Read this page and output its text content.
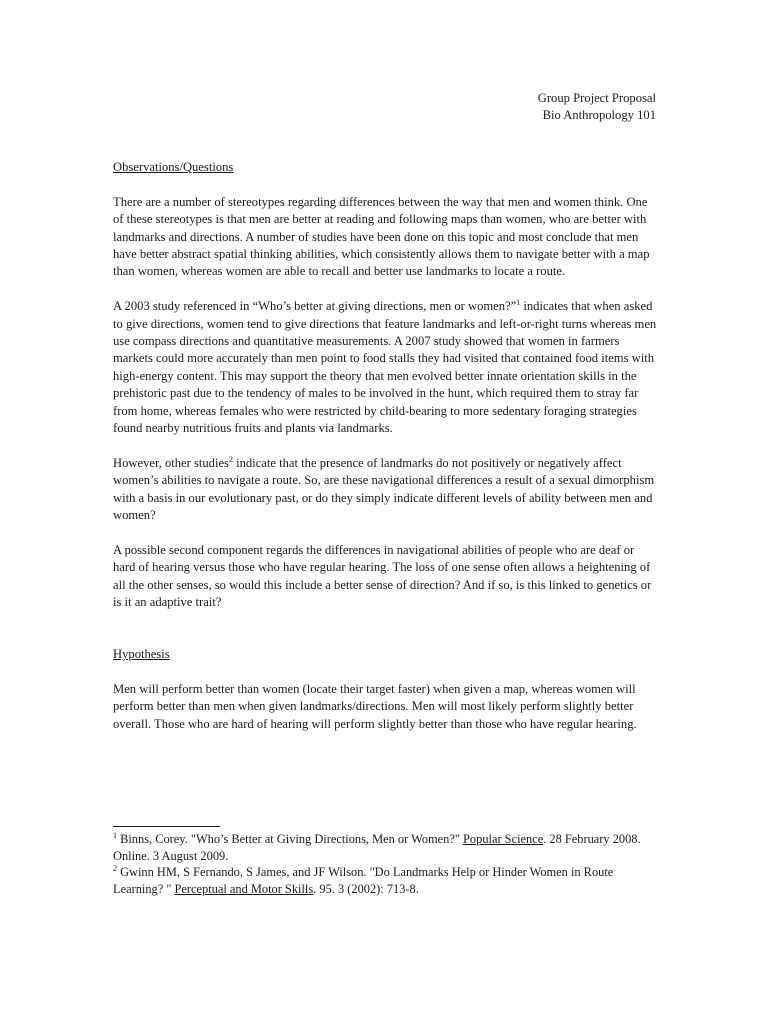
Group Project Proposal
Bio Anthropology 101
Observations/Questions

There are a number of stereotypes regarding differences between the way that men and women think. One of these stereotypes is that men are better at reading and following maps than women, who are better with landmarks and directions. A number of studies have been done on this topic and most conclude that men have better abstract spatial thinking abilities, which consistently allows them to navigate better with a map than women, whereas women are able to recall and better use landmarks to locate a route.

A 2003 study referenced in “Who’s better at giving directions, men or women?”$^1$ indicates that when asked to give directions, women tend to give directions that feature landmarks and left-or-right turns whereas men use compass directions and quantitative measurements. A 2007 study showed that women in farmers markets could more accurately than men point to food stalls they had visited that contained food items with high-energy content. This may support the theory that men evolved better innate orientation skills in the prehistoric past due to the tendency of males to be involved in the hunt, which required them to stray far from home, whereas females who were restricted by child-bearing to more sedentary foraging strategies found nearby nutritious fruits and plants via landmarks.

However, other studies$^2$ indicate that the presence of landmarks do not positively or negatively affect women’s abilities to navigate a route. So, are these navigational differences a result of a sexual dimorphism with a basis in our evolutionary past, or do they simply indicate different levels of ability between men and women?

A possible second component regards the differences in navigational abilities of people who are deaf or hard of hearing versus those who have regular hearing. The loss of one sense often allows a heightening of all the other senses, so would this include a better sense of direction? And if so, is this linked to genetics or is it an adaptive trait?

Hypothesis

Men will perform better than women (locate their target faster) when given a map, whereas women will perform better than men when given landmarks/directions. Men will most likely perform slightly better overall. Those who are hard of hearing will perform slightly better than those who have regular hearing.

$^1$ Binns, Corey. "Who’s Better at Giving Directions, Men or Women?" Popular Science. 28 February 2008. Online. 3 August 2009.

$^2$ Gwinn HM, S Fernando, S James, and JF Wilson. "Do Landmarks Help or Hinder Women in Route Learning? " Perceptual and Motor Skills. 95. 3 (2002): 713-8.
